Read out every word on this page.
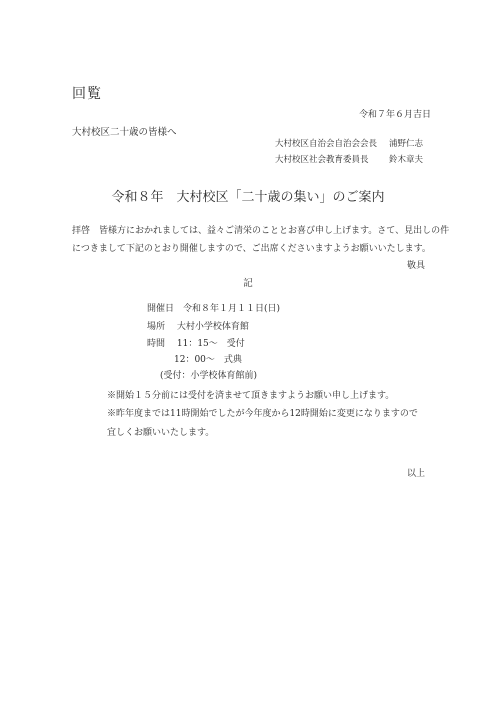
回覧
令和７年６月吉日
大村校区二十歳の皆様へ
大村校区自治会自治会会長 浦野仁志
大村校区社会教育委員長 鈴木章夫
令和８年　大村校区「二十歳の集い」のご案内
拝啓　皆様方におかれましては、益々ご清栄のこととお喜び申し上げます。さて、見出しの件
につきまして下記のとおり開催しますので、ご出席くださいますようお願いいたします。
敬具
記
開催日　令和８年１月１１日(日)
場所　 大村小学校体育館
時間　 11：15～　受付
12：00～　式典
(受付：小学校体育館前)
※開始１５分前には受付を済ませて頂きますようお願い申し上げます。
※昨年度までは11時開始でしたが今年度から12時開始に変更になりますので
宜しくお願いいたします。
以上
